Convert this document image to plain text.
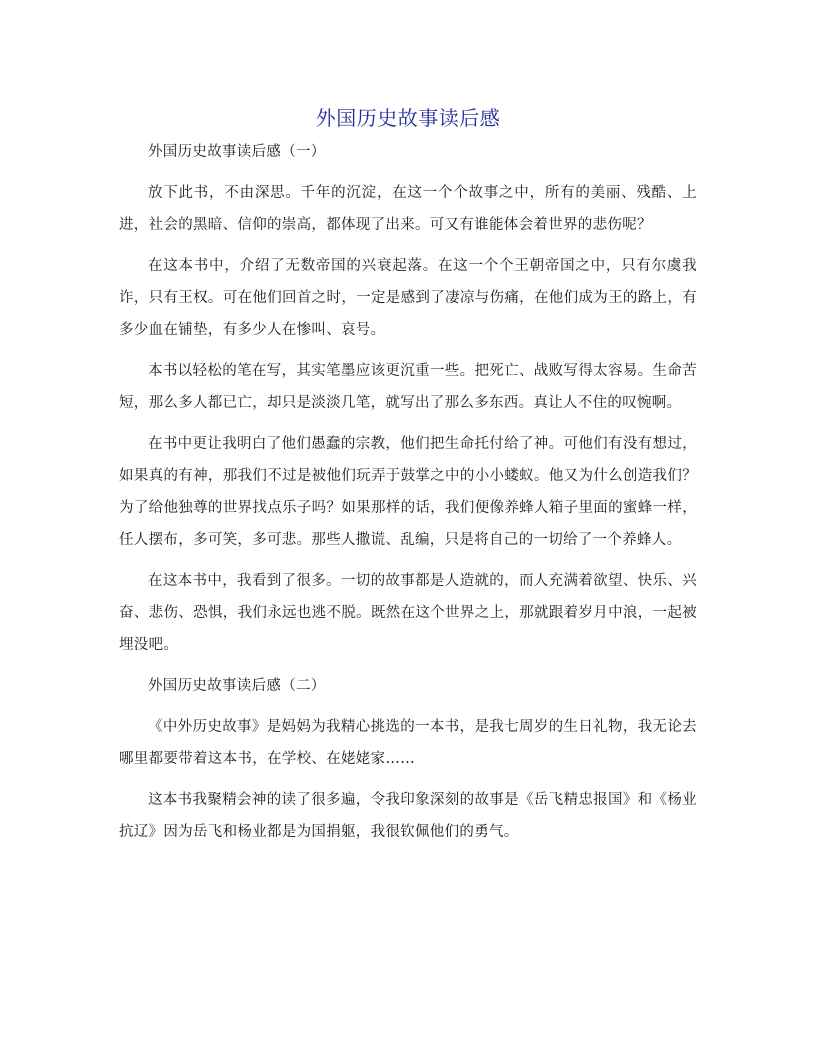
外国历史故事读后感

外国历史故事读后感（一）

放下此书，不由深思。千年的沉淀，在这一个个故事之中，所有的美丽、残酷、上进，社会的黑暗、信仰的崇高，都体现了出来。可又有谁能体会着世界的悲伤呢？

在这本书中，介绍了无数帝国的兴衰起落。在这一个个王朝帝国之中，只有尔虞我诈，只有王权。可在他们回首之时，一定是感到了凄凉与伤痛，在他们成为王的路上，有多少血在铺垫，有多少人在惨叫、哀号。

本书以轻松的笔在写，其实笔墨应该更沉重一些。把死亡、战败写得太容易。生命苦短，那么多人都已亡，却只是淡淡几笔，就写出了那么多东西。真让人不住的叹惋啊。

在书中更让我明白了他们愚蠢的宗教，他们把生命托付给了神。可他们有没有想过，如果真的有神，那我们不过是被他们玩弄于鼓掌之中的小小蝼蚁。他又为什么创造我们？为了给他独尊的世界找点乐子吗？如果那样的话，我们便像养蜂人箱子里面的蜜蜂一样，任人摆布，多可笑，多可悲。那些人撒谎、乱编，只是将自己的一切给了一个养蜂人。

在这本书中，我看到了很多。一切的故事都是人造就的，而人充满着欲望、快乐、兴奋、悲伤、恐惧，我们永远也逃不脱。既然在这个世界之上，那就跟着岁月中浪，一起被埋没吧。

外国历史故事读后感（二）

《中外历史故事》是妈妈为我精心挑选的一本书，是我七周岁的生日礼物，我无论去哪里都要带着这本书，在学校、在姥姥家……

这本书我聚精会神的读了很多遍，令我印象深刻的故事是《岳飞精忠报国》和《杨业抗辽》因为岳飞和杨业都是为国捐躯，我很钦佩他们的勇气。
